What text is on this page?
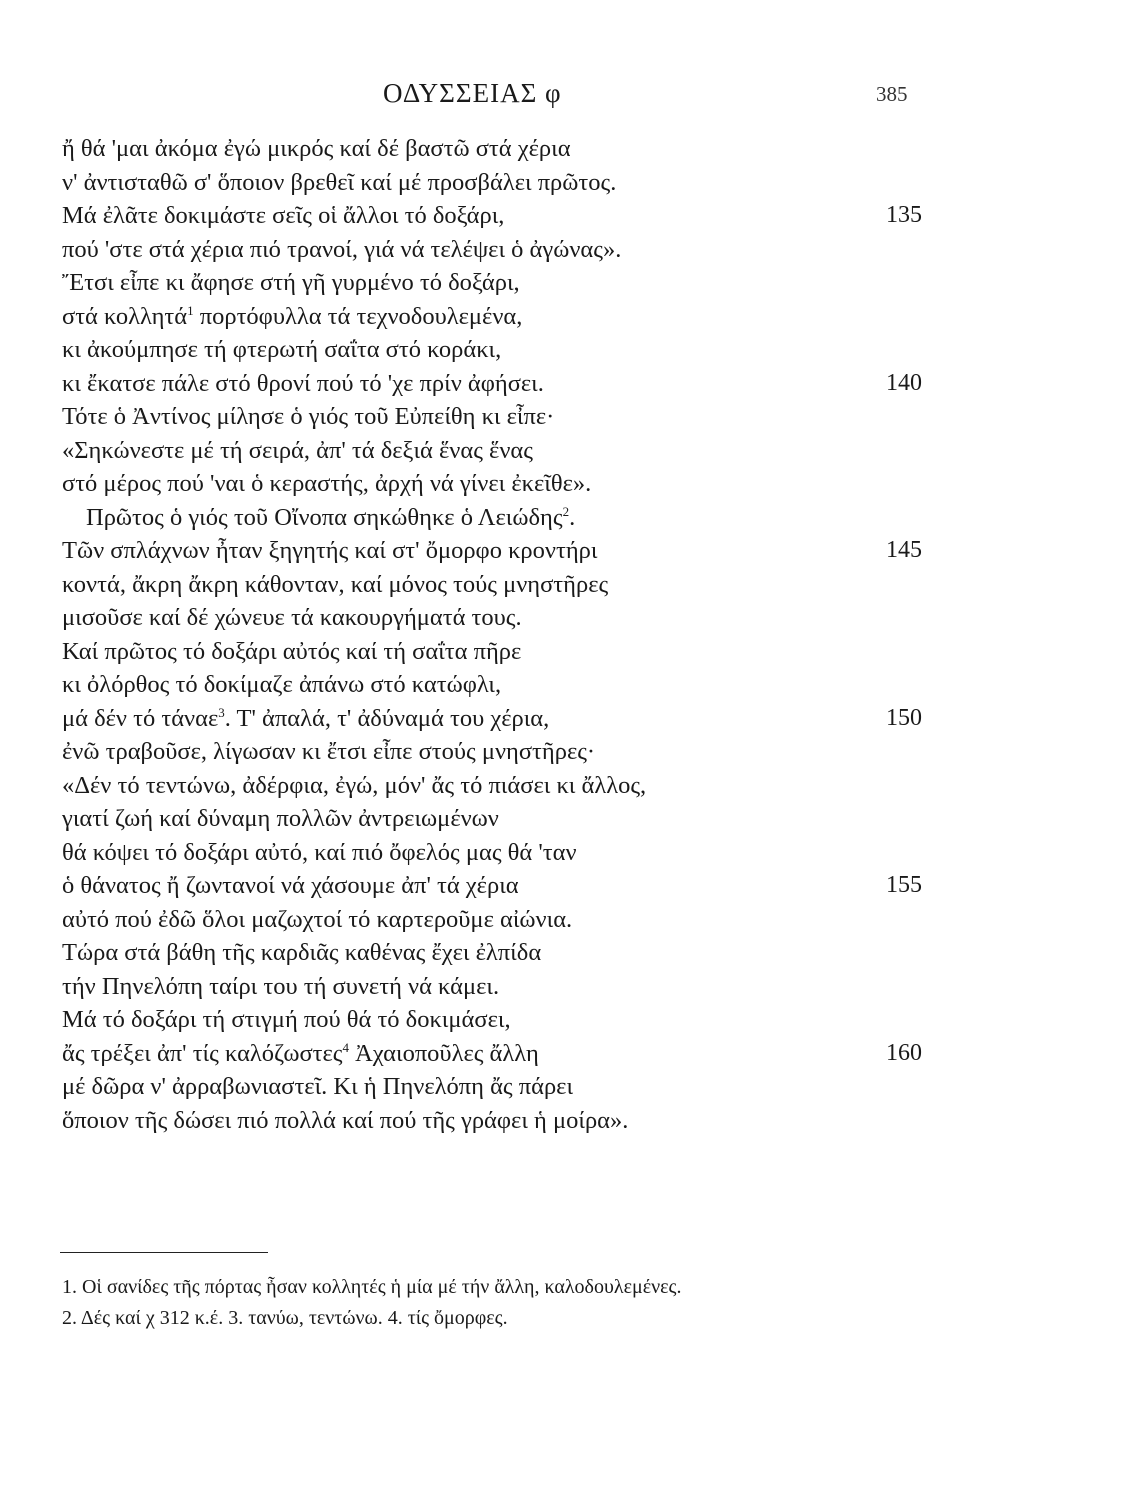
ΟΔΥΣΣΕΙΑΣ φ	385
ἤ θά 'μαι ἀκόμα ἐγώ μικρός καί δέ βαστῶ στά χέρια
ν' ἀντισταθῶ σ' ὅποιον βρεθεῖ καί μέ προσβάλει πρῶτος.
Μά ἐλᾶτε δοκιμάστε σεῖς οἱ ἄλλοι τό δοξάρι,	135
πού 'στε στά χέρια πιό τρανοί, γιά νά τελέψει ὁ ἀγώνας».
Ἔτσι εἶπε κι ἄφησε στή γῆ γυρμένο τό δοξάρι,
στά κολλητά$^1$ πορτόφυλλα τά τεχνοδουλεμένα,
κι ἀκούμπησε τή φτερωτή σαΐτα στό κοράκι,
κι ἔκατσε πάλε στό θρονί πού τό 'χε πρίν ἀφήσει.	140
Τότε ὁ Ἀντίνος μίλησε ὁ γιός τοῦ Εὐπείθη κι εἶπε·
«Σηκώνεστε μέ τή σειρά, ἀπ' τά δεξιά ἕνας ἕνας
στό μέρος πού 'ναι ὁ κεραστής, ἀρχή νά γίνει ἐκεῖθε».
Πρῶτος ὁ γιός τοῦ Οἴνοπα σηκώθηκε ὁ Λειώδης$^2$.
Τῶν σπλάχνων ἦταν ξηγητής καί στ' ὄμορφο κροντήρι	145
κοντά, ἄκρη ἄκρη κάθονταν, καί μόνος τούς μνηστῆρες
μισοῦσε καί δέ χώνευε τά κακουργήματά τους.
Καί πρῶτος τό δοξάρι αὐτός καί τή σαΐτα πῆρε
κι ὀλόρθος τό δοκίμαζε ἀπάνω στό κατώφλι,
μά δέν τό τάναε$^3$. Τ' ἀπαλά, τ' ἀδύναμά του χέρια,	150
ἐνῶ τραβοῦσε, λίγωσαν κι ἔτσι εἶπε στούς μνηστῆρες·
«Δέν τό τεντώνω, ἀδέρφια, ἐγώ, μόν' ἄς τό πιάσει κι ἄλλος,
γιατί ζωή καί δύναμη πολλῶν ἀντρειωμένων
θά κόψει τό δοξάρι αὐτό, καί πιό ὄφελός μας θά 'ταν
ὁ θάνατος ἤ ζωντανοί νά χάσουμε ἀπ' τά χέρια	155
αὐτό πού ἐδῶ ὅλοι μαζωχτοί τό καρτεροῦμε αἰώνια.
Τώρα στά βάθη τῆς καρδιᾶς καθένας ἔχει ἐλπίδα
τήν Πηνελόπη ταίρι του τή συνετή νά κάμει.
Μά τό δοξάρι τή στιγμή πού θά τό δοκιμάσει,
ἄς τρέξει ἀπ' τίς καλόζωστες$^4$ Ἀχαιοποῦλες ἄλλη	160
μέ δῶρα ν' ἀρραβωνιαστεῖ. Κι ἡ Πηνελόπη ἄς πάρει
ὅποιον τῆς δώσει πιό πολλά καί πού τῆς γράφει ἡ μοίρα».
1. Οἱ σανίδες τῆς πόρτας ἦσαν κολλητές ἡ μία μέ τήν ἄλλη, καλοδουλεμένες.
2. Δές καί χ 312 κ.έ. 3. τανύω, τεντώνω. 4. τίς ὄμορφες.
